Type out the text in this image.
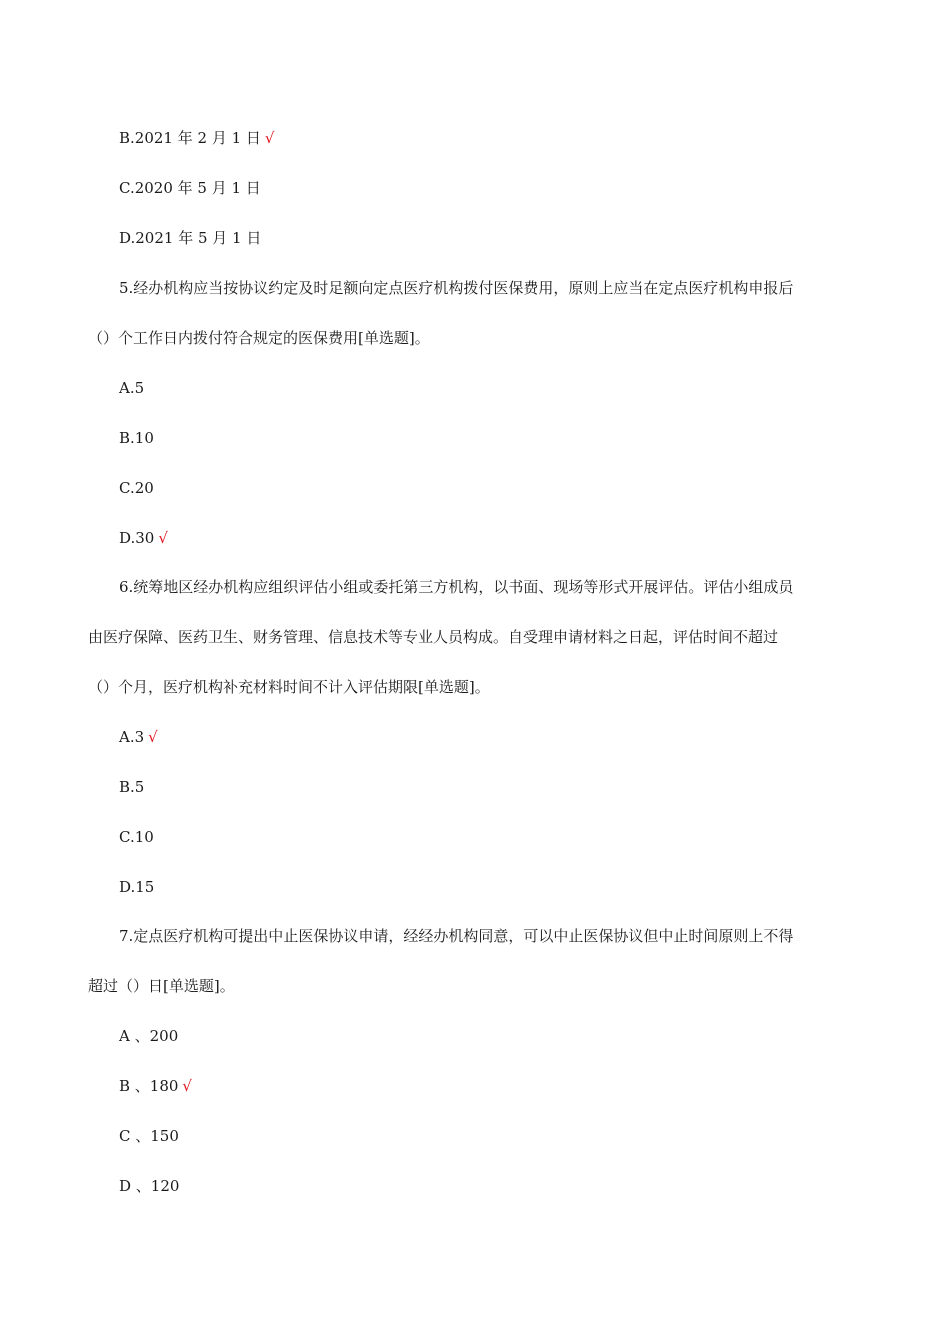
B.2021 年 2 月 1 日 √
C.2020 年 5 月 1 日
D.2021 年 5 月 1 日
5.经办机构应当按协议约定及时足额向定点医疗机构拨付医保费用，原则上应当在定点医疗机构申报后
（）个工作日内拨付符合规定的医保费用[单选题]。
A.5
B.10
C.20
D.30 √
6.统筹地区经办机构应组织评估小组或委托第三方机构，以书面、现场等形式开展评估。评估小组成员
由医疗保障、医药卫生、财务管理、信息技术等专业人员构成。自受理申请材料之日起，评估时间不超过
（）个月，医疗机构补充材料时间不计入评估期限[单选题]。
A.3 √
B.5
C.10
D.15
7.定点医疗机构可提出中止医保协议申请，经经办机构同意，可以中止医保协议但中止时间原则上不得
超过（）日[单选题]。
A 、200
B 、180 √
C 、150
D 、120
